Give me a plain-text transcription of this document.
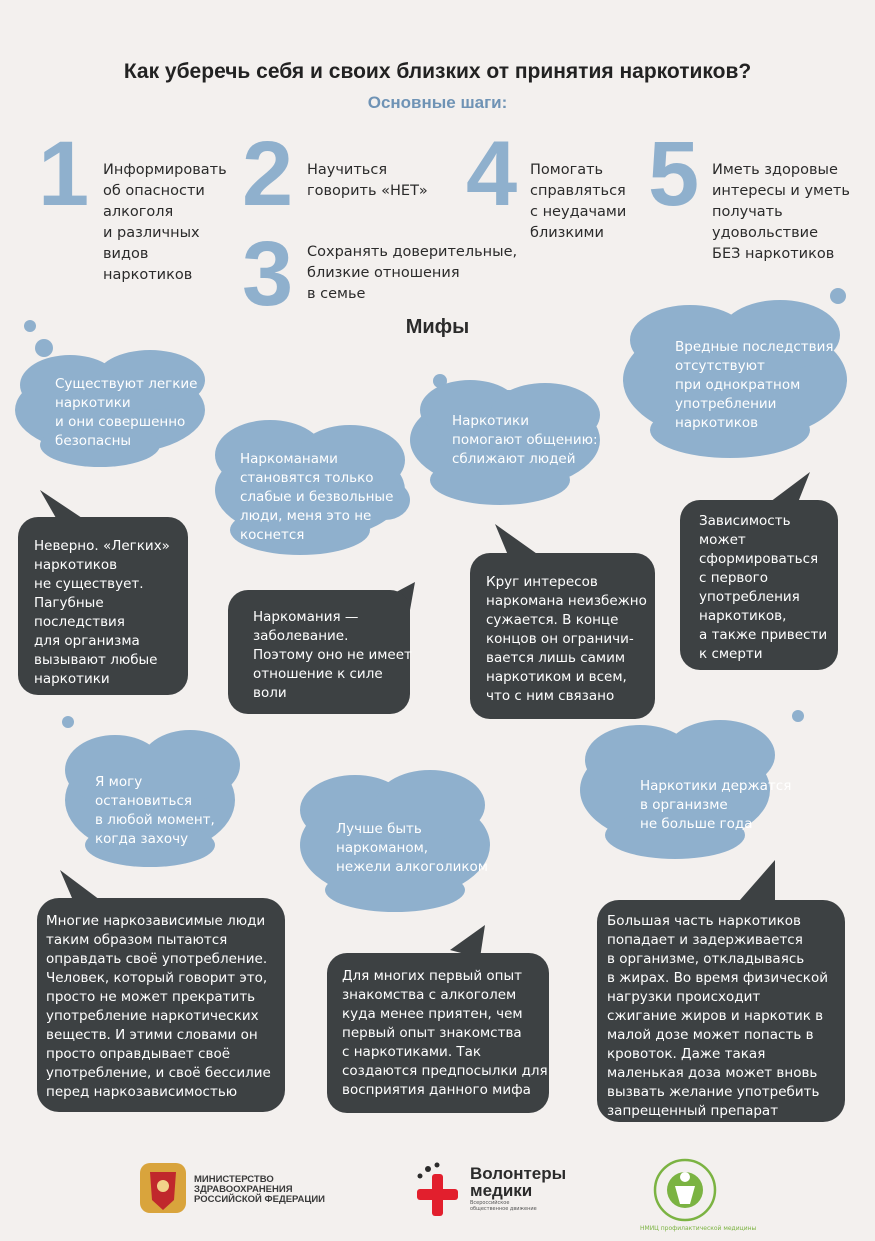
Как уберечь себя и своих близких от принятия наркотиков?
Основные шаги:
1 Информировать
об опасности
алкоголя
и различных
видов
наркотиков
2 Научиться
говорить «НЕТ»
3 Сохранять доверительные,
близкие отношения
в семье
4 Помогать
справляться
с неудачами
близкими
5 Иметь здоровые
интересы и уметь
получать
удовольствие
БЕЗ наркотиков
Мифы
Существуют легкие
наркотики
и они совершенно
безопасны
Наркоманами
становятся только
слабые и безвольные
люди, меня это не
коснется
Наркотики
помогают общению:
сближают людей
Вредные последствия
отсутствуют
при однократном
употреблении
наркотиков
Я могу
остановиться
в любой момент,
когда захочу
Лучше быть
наркоманом,
нежели алкоголиком
Наркотики держатся
в организме
не больше года
Неверно. «Легких»
наркотиков
не существует.
Пагубные
последствия
для организма
вызывают любые
наркотики
Наркомания —
заболевание.
Поэтому оно не имеет
отношение к силе
воли
Круг интересов
наркомана неизбежно
сужается. В конце
концов он ограничи-
вается лишь самим
наркотиком и всем,
что с ним связано
Зависимость
может
сформироваться
с первого
употребления
наркотиков,
а также привести
к смерти
Многие наркозависимые люди
таким образом пытаются
оправдать своё употребление.
Человек, который говорит это,
просто не может прекратить
употребление наркотических
веществ. И этими словами он
просто оправдывает своё
употребление, и своё бессилие
перед наркозависимостью
Для многих первый опыт
знакомства с алкоголем
куда менее приятен, чем
первый опыт знакомства
с наркотиками. Так
создаются предпосылки для
восприятия данного мифа
Большая часть наркотиков
попадает и задерживается
в организме, откладываясь
в жирах. Во время физической
нагрузки происходит
сжигание жиров и наркотик в
малой дозе может попасть в
кровоток. Даже такая
маленькая доза может вновь
вызвать желание употребить
запрещенный препарат
МИНИСТЕРСТВО
ЗДРАВООХРАНЕНИЯ
РОССИЙСКОЙ ФЕДЕРАЦИИ
Волонтеры
медики
Всероссийское
общественное движение
НМИЦ профилактической медицины
